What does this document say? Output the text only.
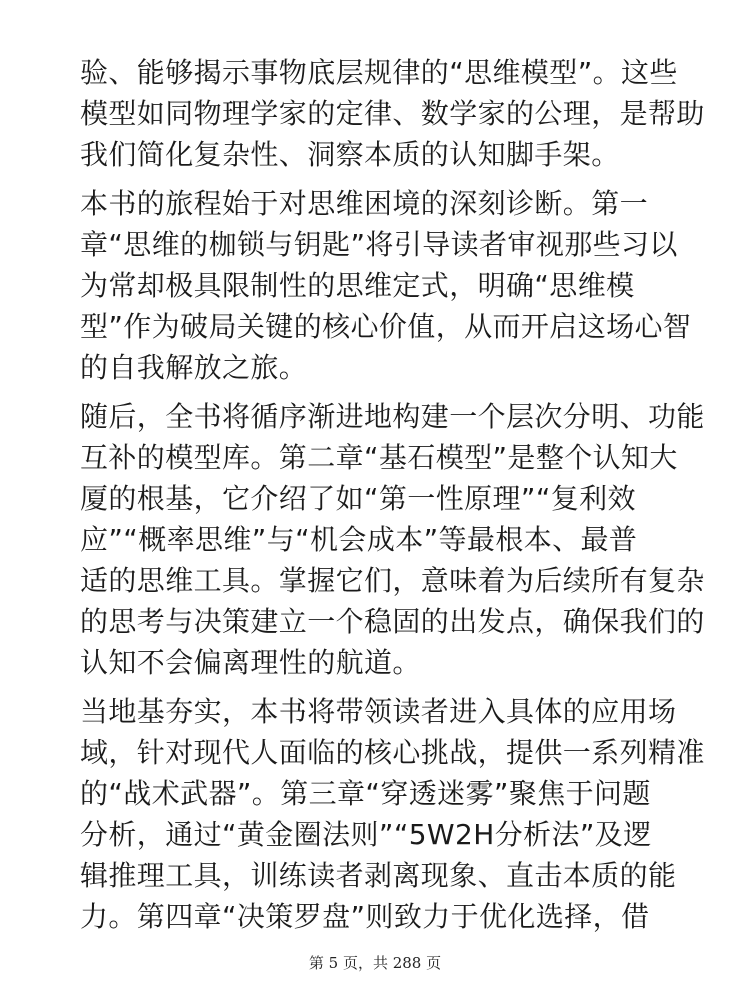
验、能够揭示事物底层规律的“思维模型”。这些
模型如同物理学家的定律、数学家的公理，是帮助
我们简化复杂性、洞察本质的认知脚手架。
本书的旅程始于对思维困境的深刻诊断。第一
章“思维的枷锁与钥匙”将引导读者审视那些习以
为常却极具限制性的思维定式，明确“思维模
型”作为破局关键的核心价值，从而开启这场心智
的自我解放之旅。
随后，全书将循序渐进地构建一个层次分明、功能
互补的模型库。第二章“基石模型”是整个认知大
厦的根基，它介绍了如“第一性原理”“复利效
应”“概率思维”与“机会成本”等最根本、最普
适的思维工具。掌握它们，意味着为后续所有复杂
的思考与决策建立一个稳固的出发点，确保我们的
认知不会偏离理性的航道。
当地基夯实，本书将带领读者进入具体的应用场
域，针对现代人面临的核心挑战，提供一系列精准
的“战术武器”。第三章“穿透迷雾”聚焦于问题
分析，通过“黄金圈法则”“5W2H分析法”及逻
辑推理工具，训练读者剥离现象、直击本质的能
力。第四章“决策罗盘”则致力于优化选择，借
第 5 页，共 288 页
